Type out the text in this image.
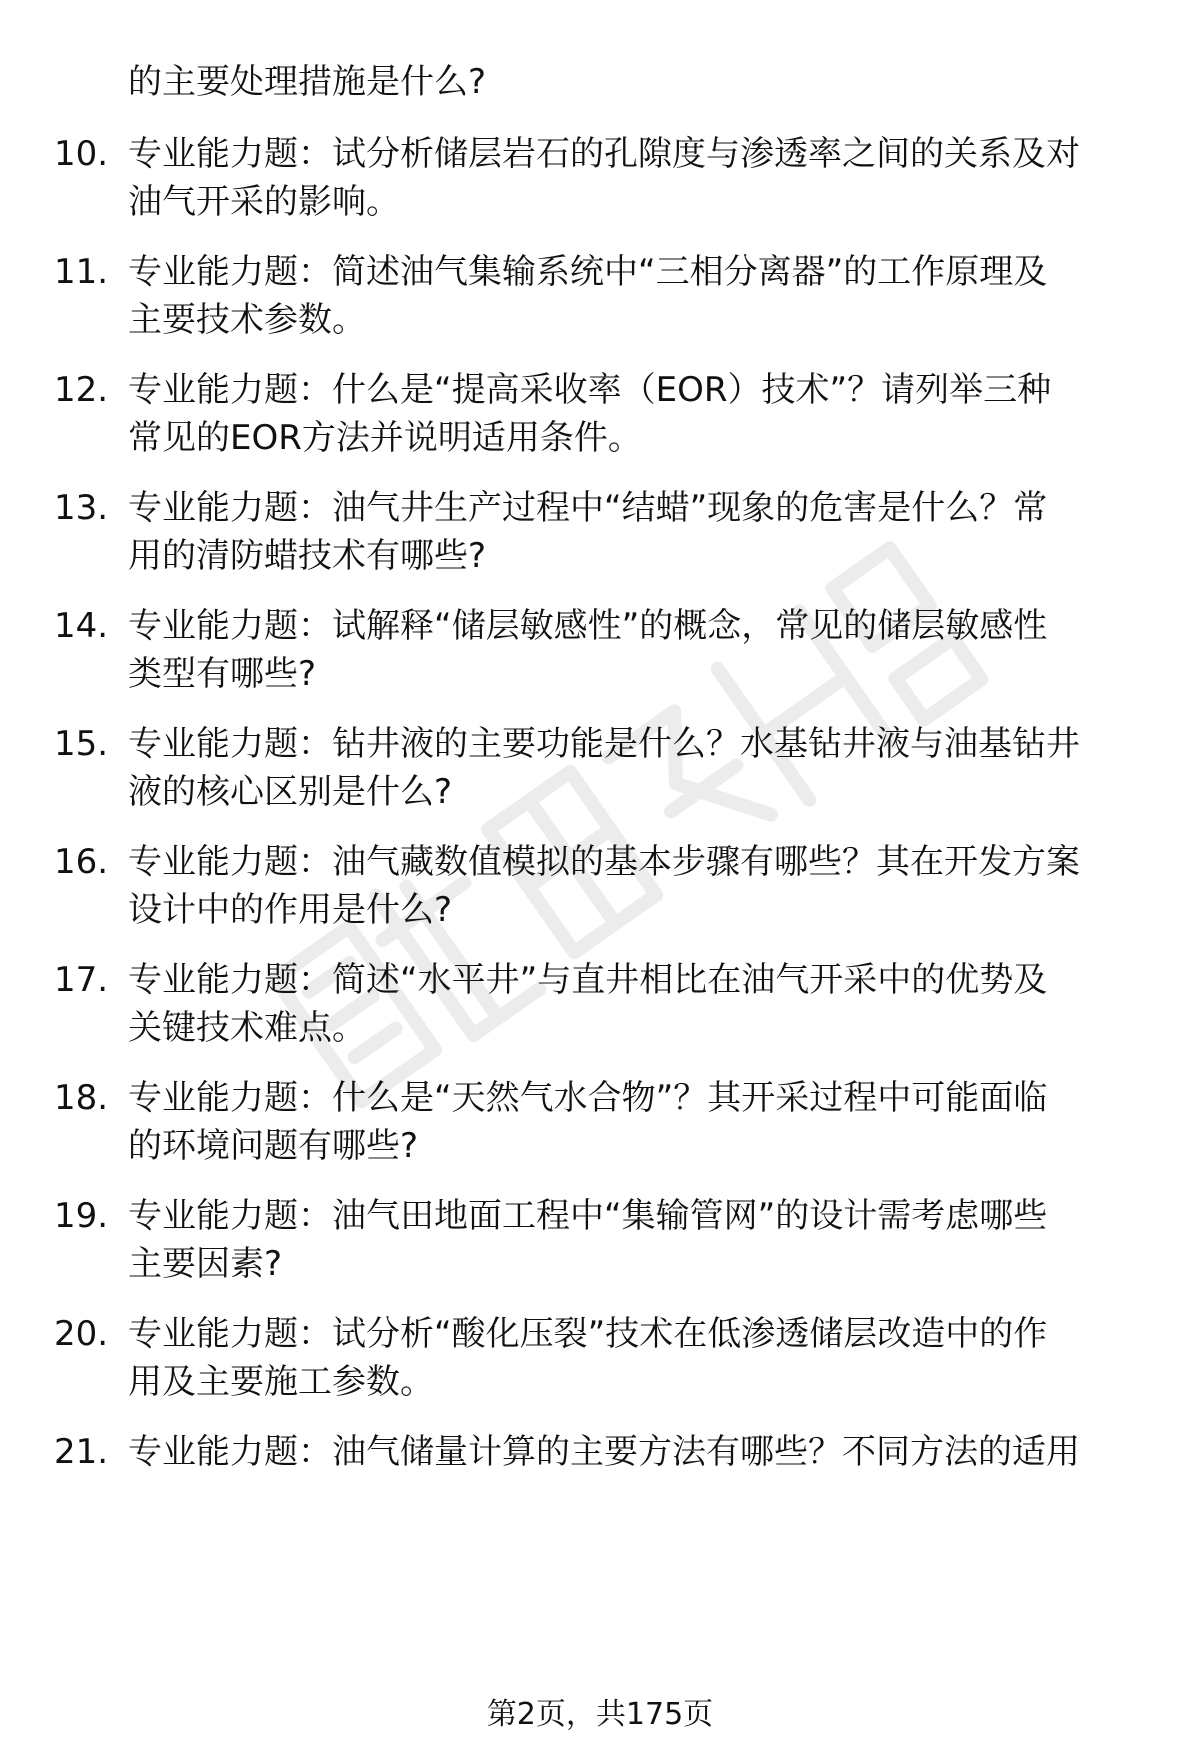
的主要处理措施是什么?
10. 专业能力题：试分析储层岩石的孔隙度与渗透率之间的关系及对
油气开采的影响。
11. 专业能力题：简述油气集输系统中“三相分离器”的工作原理及
主要技术参数。
12. 专业能力题：什么是“提高采收率（EOR）技术”？请列举三种
常见的EOR方法并说明适用条件。
13. 专业能力题：油气井生产过程中“结蜡”现象的危害是什么？常
用的清防蜡技术有哪些?
14. 专业能力题：试解释“储层敏感性”的概念，常见的储层敏感性
类型有哪些?
15. 专业能力题：钻井液的主要功能是什么？水基钻井液与油基钻井
液的核心区别是什么?
16. 专业能力题：油气藏数值模拟的基本步骤有哪些？其在开发方案
设计中的作用是什么?
17. 专业能力题：简述“水平井”与直井相比在油气开采中的优势及
关键技术难点。
18. 专业能力题：什么是“天然气水合物”？其开采过程中可能面临
的环境问题有哪些?
19. 专业能力题：油气田地面工程中“集输管网”的设计需考虑哪些
主要因素?
20. 专业能力题：试分析“酸化压裂”技术在低渗透储层改造中的作
用及主要施工参数。
21. 专业能力题：油气储量计算的主要方法有哪些？不同方法的适用
第2页，共175页
